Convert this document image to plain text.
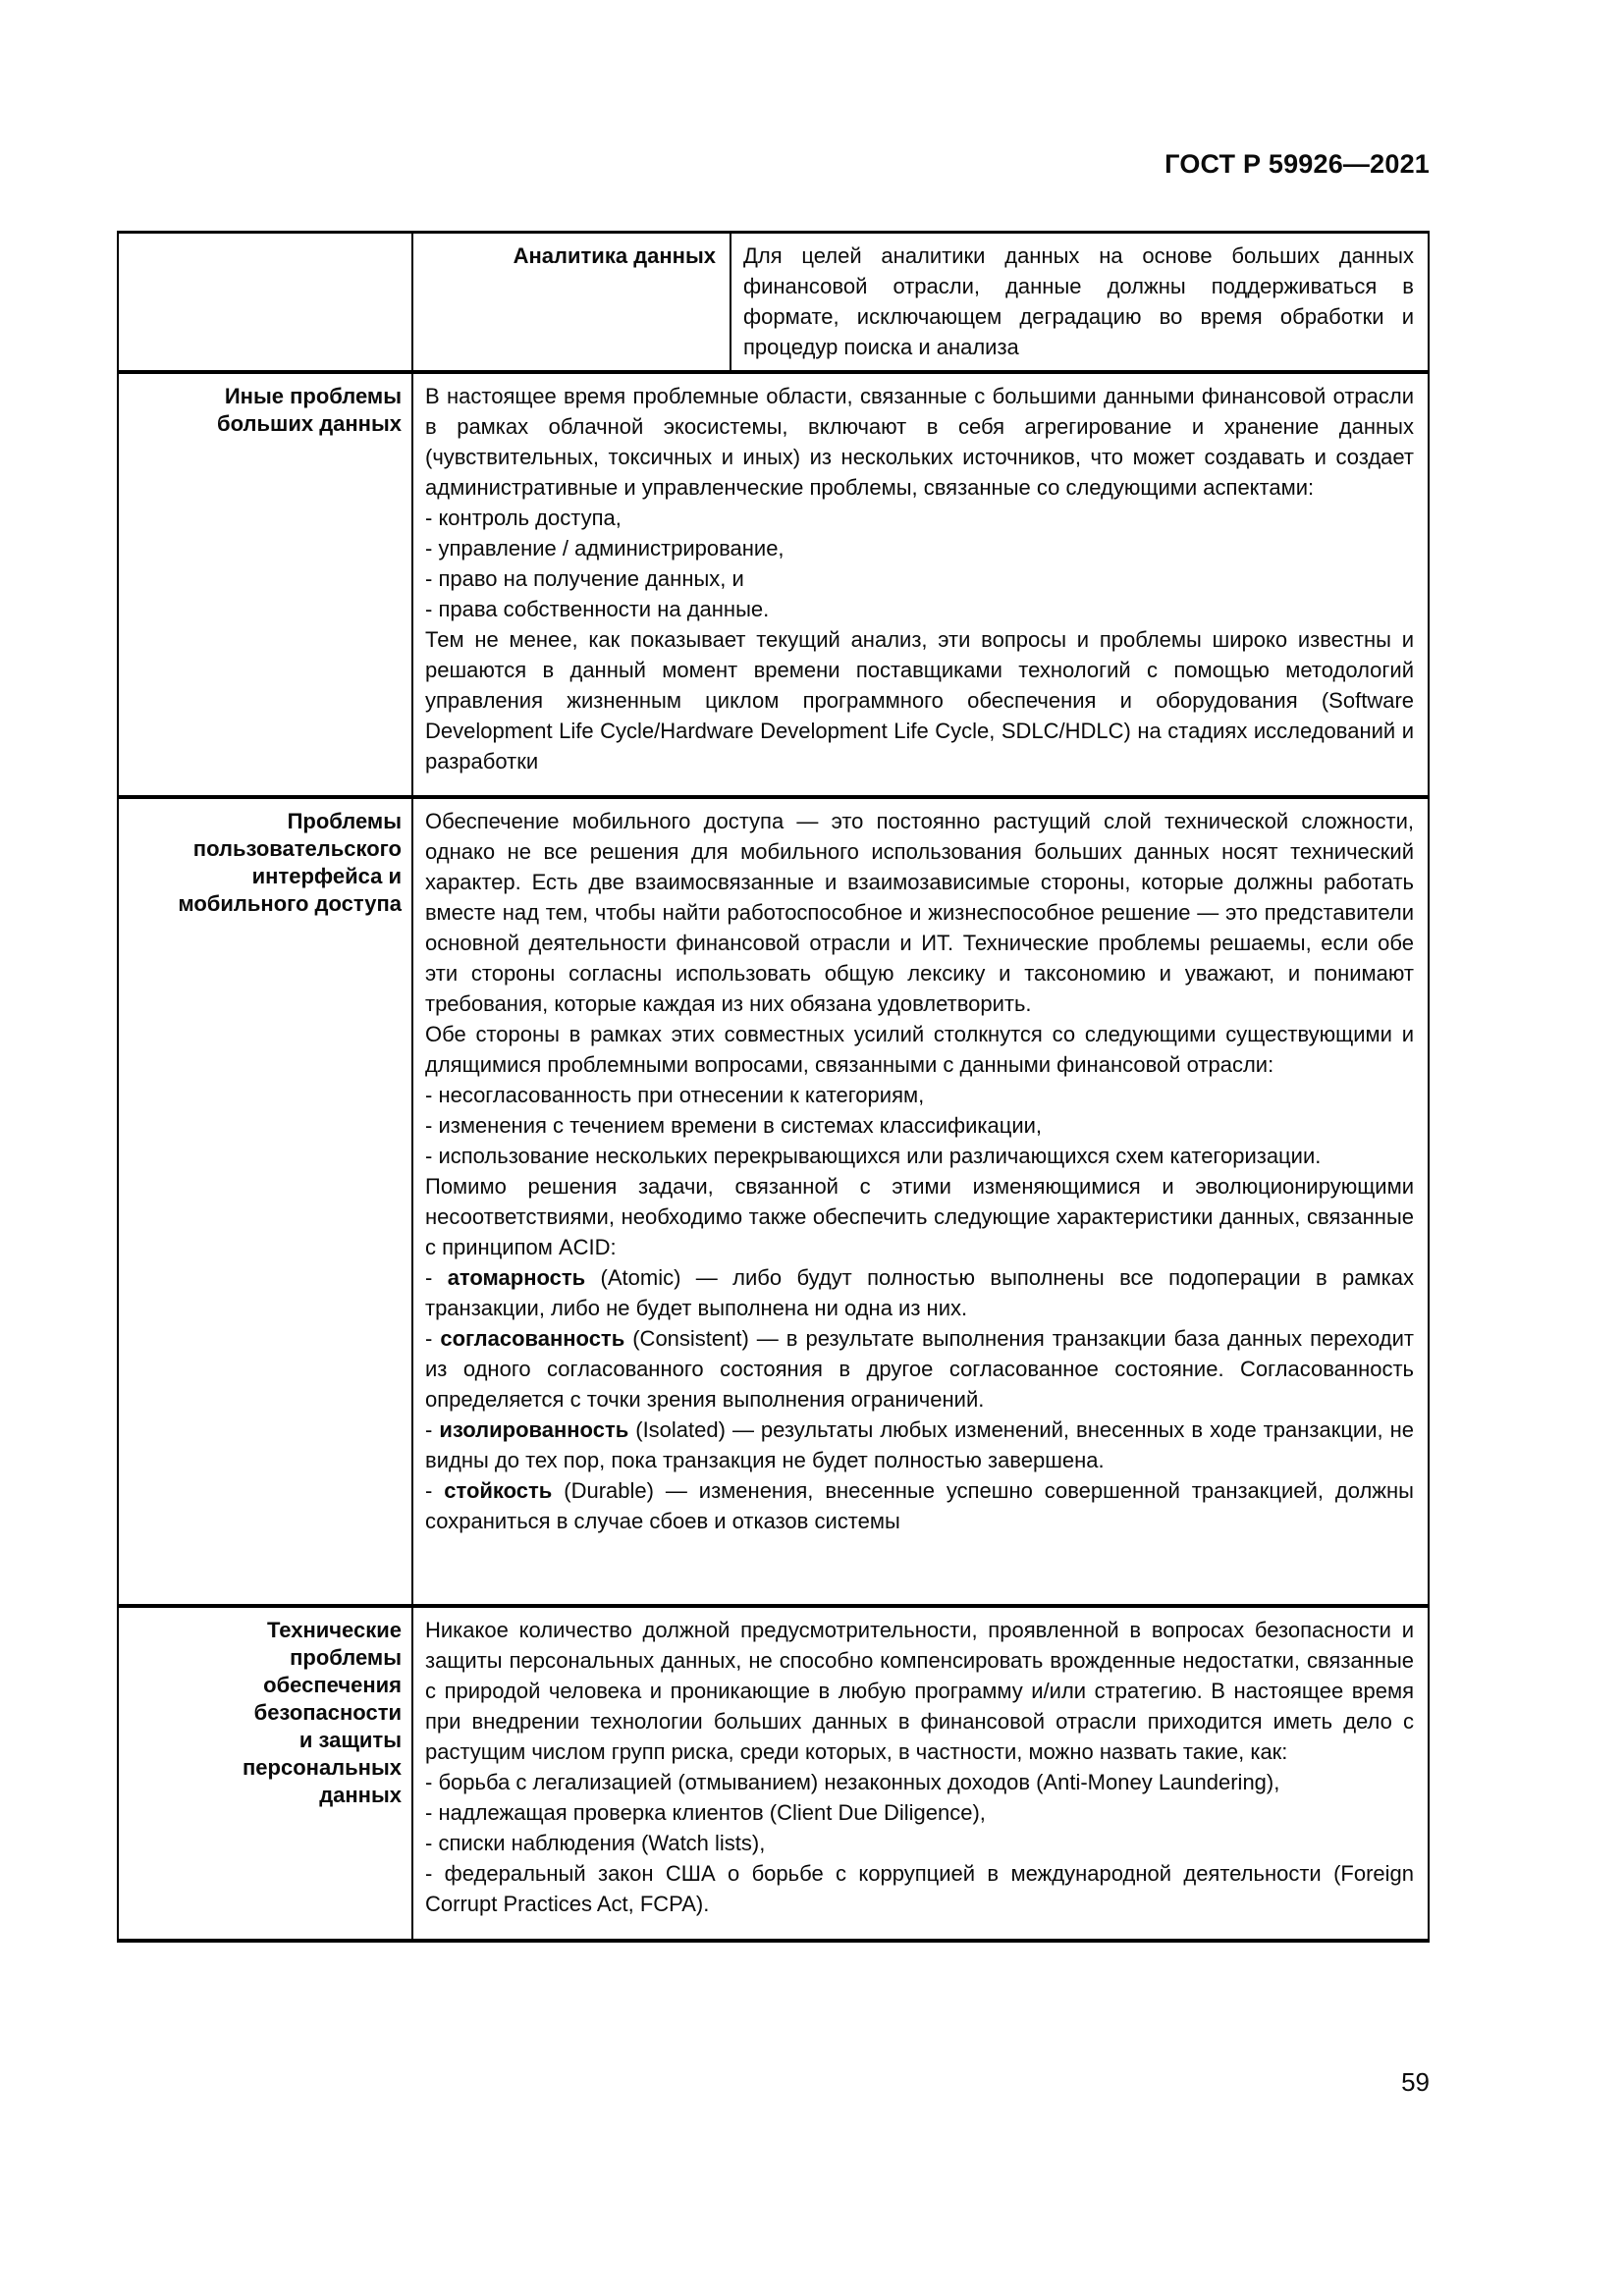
ГОСТ Р 59926—2021
Аналитика данных	Для целей аналитики данных на основе больших данных финансовой отрасли, данные должны поддерживаться в формате, исключающем деградацию во время обработки и процедур поиска и анализа

Иные проблемы
больших данных

В настоящее время проблемные области, связанные с большими данными финансовой отрасли в рамках облачной экосистемы, включают в себя агрегирование и хранение данных (чувствительных, токсичных и иных) из нескольких источников, что может создавать и создает административные и управленческие проблемы, связанные со следующими аспектами:

- контроль доступа,

- управление / администрирование,

- право на получение данных, и

- права собственности на данные.

Тем не менее, как показывает текущий анализ, эти вопросы и проблемы широко известны и решаются в данный момент времени поставщиками технологий с помощью методологий управления жизненным циклом программного обеспечения и оборудования (Software Development Life Cycle/Hardware Development Life Cycle, SDLC/HDLC) на стадиях исследований и разработки

Проблемы
пользовательского
интерфейса и
мобильного доступа

Обеспечение мобильного доступа — это постоянно растущий слой технической сложности, однако не все решения для мобильного использования больших данных носят технический характер. Есть две взаимосвязанные и взаимозависимые стороны, которые должны работать вместе над тем, чтобы найти работоспособное и жизнеспособное решение — это представители основной деятельности финансовой отрасли и ИТ. Технические проблемы решаемы, если обе эти стороны согласны использовать общую лексику и таксономию и уважают, и понимают требования, которые каждая из них обязана удовлетворить.

Обе стороны в рамках этих совместных усилий столкнутся со следующими существующими и длящимися проблемными вопросами, связанными с данными финансовой отрасли:

- несогласованность при отнесении к категориям,

- изменения с течением времени в системах классификации,

- использование нескольких перекрывающихся или различающихся схем категоризации.

Помимо решения задачи, связанной с этими изменяющимися и эволюционирующими несоответствиями, необходимо также обеспечить следующие характеристики данных, связанные с принципом ACID:

- атомарность (Atomic) — либо будут полностью выполнены все подоперации в рамках транзакции, либо не будет выполнена ни одна из них.

- согласованность (Consistent) — в результате выполнения транзакции база данных переходит из одного согласованного состояния в другое согласованное состояние. Согласованность определяется с точки зрения выполнения ограничений.

- изолированность (Isolated) — результаты любых изменений, внесенных в ходе транзакции, не видны до тех пор, пока транзакция не будет полностью завершена.

- стойкость (Durable) — изменения, внесенные успешно совершенной транзакцией, должны сохраниться в случае сбоев и отказов системы

Технические
проблемы
обеспечения
безопасности
и защиты
персональных
данных

Никакое количество должной предусмотрительности, проявленной в вопросах безопасности и защиты персональных данных, не способно компенсировать врожденные недостатки, связанные с природой человека и проникающие в любую программу и/или стратегию. В настоящее время при внедрении технологии больших данных в финансовой отрасли приходится иметь дело с растущим числом групп риска, среди которых, в частности, можно назвать такие, как:

- борьба с легализацией (отмыванием) незаконных доходов (Anti-Money Laundering),

- надлежащая проверка клиентов (Client Due Diligence),

- списки наблюдения (Watch lists),

- федеральный закон США о борьбе с коррупцией в международной деятельности (Foreign Corrupt Practices Act, FCPA).

59
